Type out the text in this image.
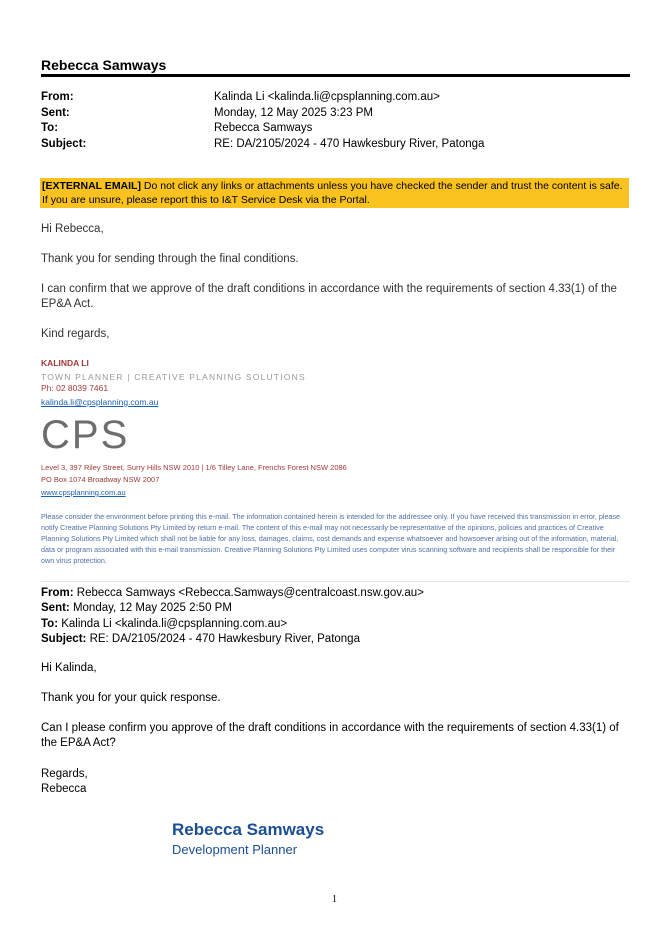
Rebecca Samways
From:	Kalinda Li <kalinda.li@cpsplanning.com.au>
Sent:	Monday, 12 May 2025 3:23 PM
To:	Rebecca Samways
Subject:	RE: DA/2105/2024 - 470 Hawkesbury River, Patonga
[EXTERNAL EMAIL] Do not click any links or attachments unless you have checked the sender and trust the content is safe. If you are unsure, please report this to I&T Service Desk via the Portal.
Hi Rebecca,
Thank you for sending through the final conditions.
I can confirm that we approve of the draft conditions in accordance with the requirements of section 4.33(1) of the EP&A Act.
Kind regards,
KALINDA LI
TOWN PLANNER | CREATIVE PLANNING SOLUTIONS
Ph: 02 8039 7461
kalinda.li@cpsplanning.com.au
CPS
Level 3, 397 Riley Street, Surry Hills NSW 2010 | 1/6 Tilley Lane, Frenchs Forest NSW 2086
PO Box 1074 Broadway NSW 2007
www.cpsplanning.com.au
Please consider the environment before printing this e-mail. The information contained herein is intended for the addressee only. If you have received this transmission in error, please notify Creative Planning Solutions Pty Limited by return e-mail. The content of this e-mail may not necessarily be representative of the opinions, policies and practices of Creative Planning Solutions Pty Limited which shall not be liable for any loss, damages, claims, cost demands and expense whatsoever and howsoever arising out of the information, material, data or program associated with this e-mail transmission. Creative Planning Solutions Pty Limited uses computer virus scanning software and recipients shall be responsible for their own virus protection.
From: Rebecca Samways <Rebecca.Samways@centralcoast.nsw.gov.au>
Sent: Monday, 12 May 2025 2:50 PM
To: Kalinda Li <kalinda.li@cpsplanning.com.au>
Subject: RE: DA/2105/2024 - 470 Hawkesbury River, Patonga
Hi Kalinda,
Thank you for your quick response.
Can I please confirm you approve of the draft conditions in accordance with the requirements of section 4.33(1) of the EP&A Act?
Regards,
Rebecca
Rebecca Samways
Development Planner
1
